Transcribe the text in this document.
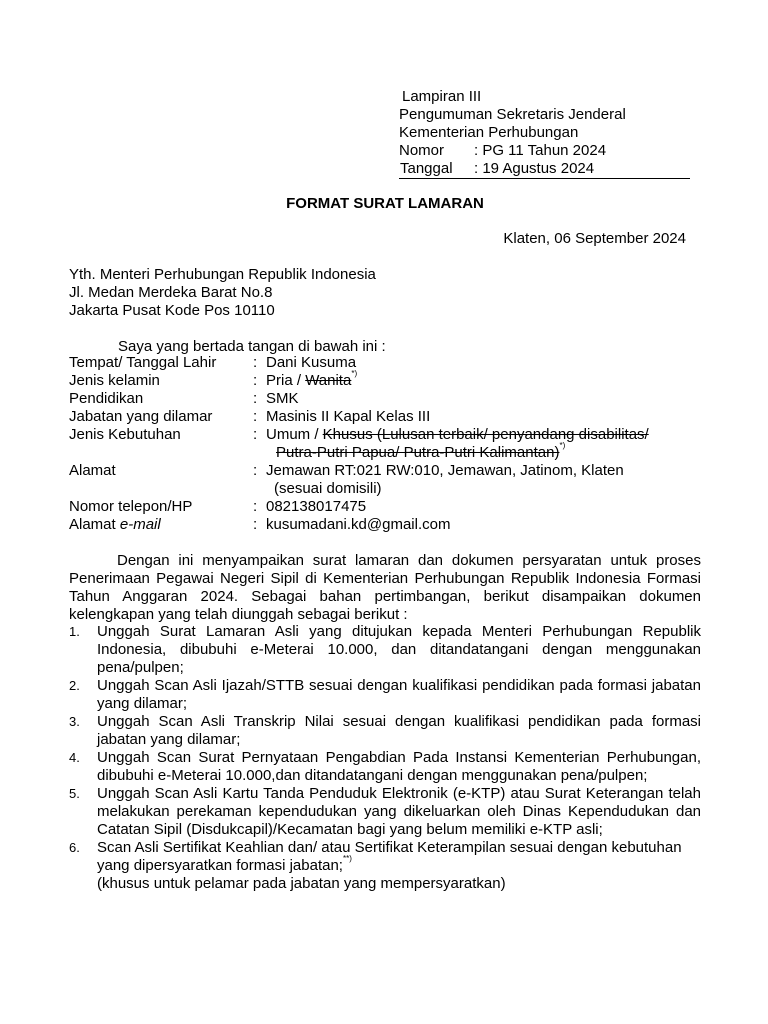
Lampiran III
Pengumuman Sekretaris Jenderal
Kementerian Perhubungan
Nomor	: PG 11 Tahun 2024
Tanggal	: 19 Agustus 2024
FORMAT SURAT LAMARAN
Klaten, 06 September 2024
Yth. Menteri Perhubungan Republik Indonesia
Jl. Medan Merdeka Barat No.8
Jakarta Pusat Kode Pos 10110
Saya yang bertada tangan di bawah ini :
Tempat/ Tanggal Lahir	: Dani Kusuma
Jenis kelamin	: Pria / Wanita*)
Pendidikan	: SMK
Jabatan yang dilamar	: Masinis II Kapal Kelas III
Jenis Kebutuhan	: Umum / Khusus (Lulusan terbaik/ penyandang disabilitas/
Putra-Putri Papua/ Putra-Putri Kalimantan)*)
Alamat	: Jemawan RT:021 RW:010, Jemawan, Jatinom, Klaten
(sesuai domisili)
Nomor telepon/HP	: 082138017475
Alamat e-mail	: kusumadani.kd@gmail.com
Dengan ini menyampaikan surat lamaran dan dokumen persyaratan untuk proses Penerimaan Pegawai Negeri Sipil di Kementerian Perhubungan Republik Indonesia Formasi Tahun Anggaran 2024. Sebagai bahan pertimbangan, berikut disampaikan dokumen kelengkapan yang telah diunggah sebagai berikut :
1.	Unggah Surat Lamaran Asli yang ditujukan kepada Menteri Perhubungan Republik Indonesia, dibubuhi e-Meterai 10.000, dan ditandatangani dengan menggunakan pena/pulpen;
2.	Unggah Scan Asli Ijazah/STTB sesuai dengan kualifikasi pendidikan pada formasi jabatan yang dilamar;
3.	Unggah Scan Asli Transkrip Nilai sesuai dengan kualifikasi pendidikan pada formasi jabatan yang dilamar;
4.	Unggah Scan Surat Pernyataan Pengabdian Pada Instansi Kementerian Perhubungan, dibubuhi e-Meterai 10.000,dan ditandatangani dengan menggunakan pena/pulpen;
5.	Unggah Scan Asli Kartu Tanda Penduduk Elektronik (e-KTP) atau Surat Keterangan telah melakukan perekaman kependudukan yang dikeluarkan oleh Dinas Kependudukan dan Catatan Sipil (Disdukcapil)/Kecamatan bagi yang belum memiliki e-KTP asli;
6.	Scan Asli Sertifikat Keahlian dan/ atau Sertifikat Keterampilan sesuai dengan kebutuhan yang dipersyaratkan formasi jabatan;**)
(khusus untuk pelamar pada jabatan yang mempersyaratkan)
